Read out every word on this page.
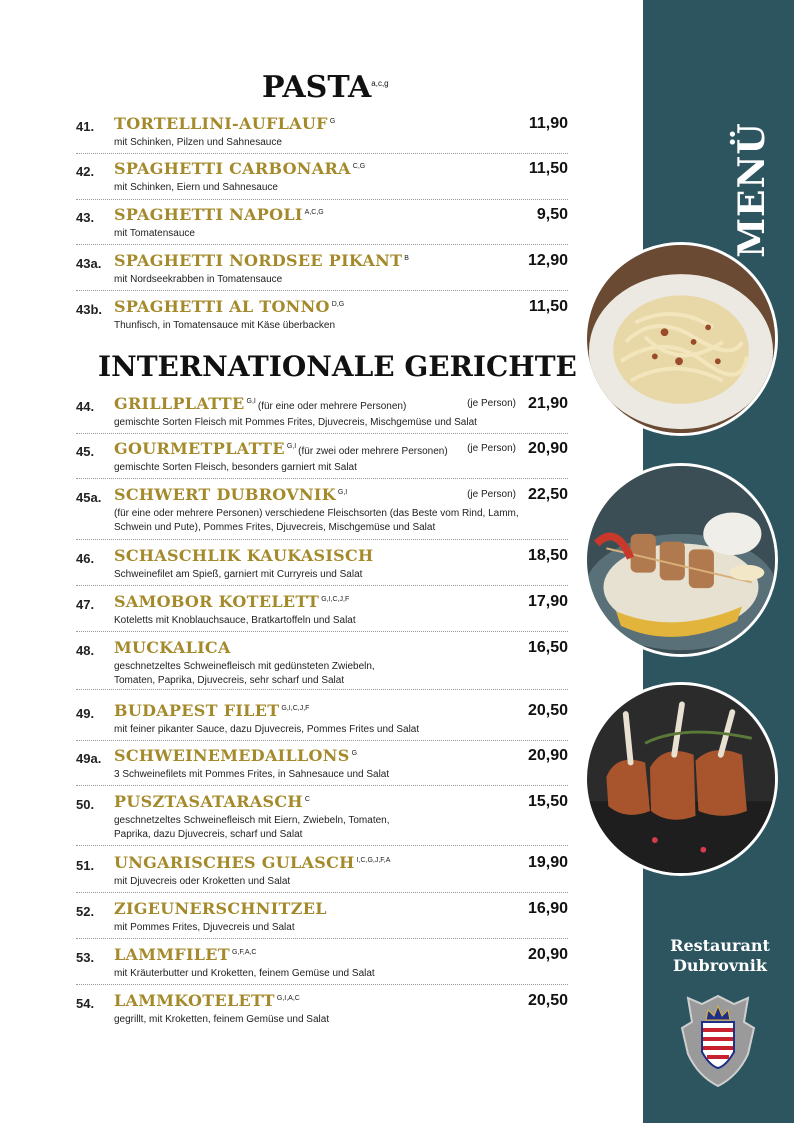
MENÜ
Restaurant
Dubrovnik
PASTA$^{a,c,g}$
INTERNATIONALE GERICHTE
41. TORTELLINI-AUFLAUF $^G$	11,90
mit Schinken, Pilzen und Sahnesauce
42. SPAGHETTI CARBONARA $^{C,G}$	11,50
mit Schinken, Eiern und Sahnesauce
43. SPAGHETTI NAPOLI $^{A,C,G}$	9,50
mit Tomatensauce
43a. SPAGHETTI NORDSEE PIKANT $^B$	12,90
mit Nordseekrabben in Tomatensauce
43b. SPAGHETTI AL TONNO $^{D,G}$	11,50
Thunfisch, in Tomatensauce mit Käse überbacken
44. GRILLPLATTE $^{G,I}$ (für eine oder mehrere Personen)	(je Person) 21,90
gemischte Sorten Fleisch mit Pommes Frites, Djuvecreis, Mischgemüse und Salat
45. GOURMETPLATTE $^{G,I}$ (für zwei oder mehrere Personen) (je Person) 20,90
gemischte Sorten Fleisch, besonders garniert mit Salat
45a. SCHWERT DUBROVNIK $^{G,I}$	(je Person) 22,50
(für eine oder mehrere Personen) verschiedene Fleischsorten (das Beste vom Rind, Lamm, Schwein und Pute), Pommes Frites, Djuvecreis, Mischgemüse und Salat
46. SCHASCHLIK KAUKASISCH	18,50
Schweinefilet am Spieß, garniert mit Curryreis und Salat
47. SAMOBOR KOTELETT $^{G,I,C,J,F}$	17,90
Koteletts mit Knoblauchsauce, Bratkartoffeln und Salat
48. MUCKALICA	16,50
geschnetzeltes Schweinefleisch mit gedünsteten Zwiebeln, Tomaten, Paprika, Djuvecreis, sehr scharf und Salat
49. BUDAPEST FILET $^{G,I,C,J,F}$	20,50
mit feiner pikanter Sauce, dazu Djuvecreis, Pommes Frites und Salat
49a. SCHWEINEMEDAILLONS $^G$	20,90
3 Schweinefilets mit Pommes Frites, in Sahnesauce und Salat
50. PUSZTASATARASCH $^C$	15,50
geschnetzeltes Schweinefleisch mit Eiern, Zwiebeln, Tomaten, Paprika, dazu Djuvecreis, scharf und Salat
51. UNGARISCHES GULASCH $^{I,C,G,J,F,A}$	19,90
mit Djuvecreis oder Kroketten und Salat
52. ZIGEUNERSCHNITZEL	16,90
mit Pommes Frites, Djuvecreis und Salat
53. LAMMFILET $^{G,F,A,C}$	20,90
mit Kräuterbutter und Kroketten, feinem Gemüse und Salat
54. LAMMKOTELETT $^{G,I,A,C}$	20,50
gegrillt, mit Kroketten, feinem Gemüse und Salat
